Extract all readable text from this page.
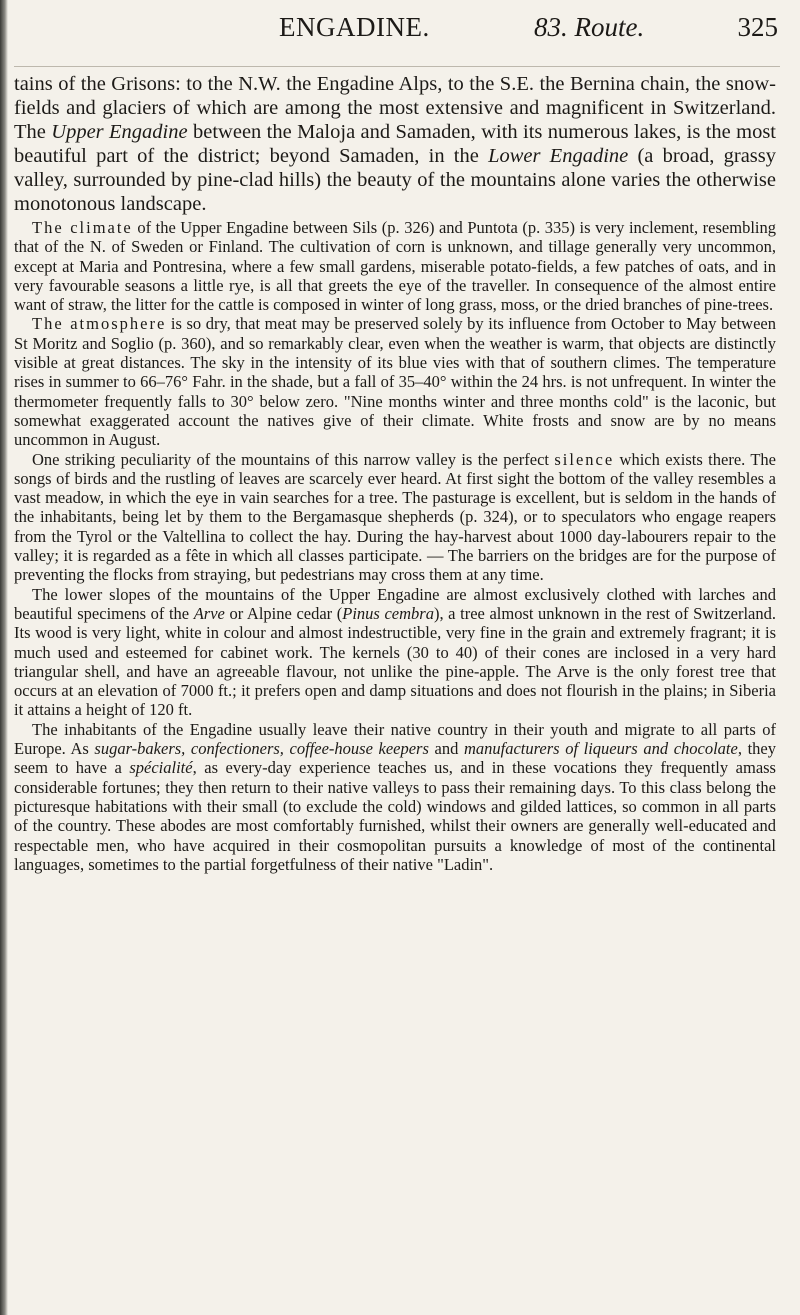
ENGADINE.	83. Route.	325

tains of the Grisons: to the N.W. the Engadine Alps, to the S.E. the Bernina chain, the snow-fields and glaciers of which are among the most extensive and magnificent in Switzerland. The Upper Engadine between the Maloja and Samaden, with its numerous lakes, is the most beautiful part of the district; beyond Samaden, in the Lower Engadine (a broad, grassy valley, surrounded by pine-clad hills) the beauty of the mountains alone varies the otherwise monotonous landscape.

The climate of the Upper Engadine between Sils (p. 326) and Puntota (p. 335) is very inclement, resembling that of the N. of Sweden or Finland. The cultivation of corn is unknown, and tillage generally very uncommon, except at Maria and Pontresina, where a few small gardens, miserable potato-fields, a few patches of oats, and in very favourable seasons a little rye, is all that greets the eye of the traveller. In consequence of the almost entire want of straw, the litter for the cattle is composed in winter of long grass, moss, or the dried branches of pine-trees.

The atmosphere is so dry, that meat may be preserved solely by its influence from October to May between St Moritz and Soglio (p. 360), and so remarkably clear, even when the weather is warm, that objects are distinctly visible at great distances. The sky in the intensity of its blue vies with that of southern climes. The temperature rises in summer to 66–76° Fahr. in the shade, but a fall of 35–40° within the 24 hrs. is not unfrequent. In winter the thermometer frequently falls to 30° below zero. "Nine months winter and three months cold" is the laconic, but somewhat exaggerated account the natives give of their climate. White frosts and snow are by no means uncommon in August.

One striking peculiarity of the mountains of this narrow valley is the perfect silence which exists there. The songs of birds and the rustling of leaves are scarcely ever heard. At first sight the bottom of the valley resembles a vast meadow, in which the eye in vain searches for a tree. The pasturage is excellent, but is seldom in the hands of the inhabitants, being let by them to the Bergamasque shepherds (p. 324), or to speculators who engage reapers from the Tyrol or the Valtellina to collect the hay. During the hay-harvest about 1000 day-labourers repair to the valley; it is regarded as a fête in which all classes participate. — The barriers on the bridges are for the purpose of preventing the flocks from straying, but pedestrians may cross them at any time.

The lower slopes of the mountains of the Upper Engadine are almost exclusively clothed with larches and beautiful specimens of the Arve or Alpine cedar (Pinus cembra), a tree almost unknown in the rest of Switzerland. Its wood is very light, white in colour and almost indestructible, very fine in the grain and extremely fragrant; it is much used and esteemed for cabinet work. The kernels (30 to 40) of their cones are inclosed in a very hard triangular shell, and have an agreeable flavour, not unlike the pine-apple. The Arve is the only forest tree that occurs at an elevation of 7000 ft.; it prefers open and damp situations and does not flourish in the plains; in Siberia it attains a height of 120 ft.

The inhabitants of the Engadine usually leave their native country in their youth and migrate to all parts of Europe. As sugar-bakers, confectioners, coffee-house keepers and manufacturers of liqueurs and chocolate, they seem to have a spécialité, as every-day experience teaches us, and in these vocations they frequently amass considerable fortunes; they then return to their native valleys to pass their remaining days. To this class belong the picturesque habitations with their small (to exclude the cold) windows and gilded lattices, so common in all parts of the country. These abodes are most comfortably furnished, whilst their owners are generally well-educated and respectable men, who have acquired in their cosmopolitan pursuits a knowledge of most of the continental languages, sometimes to the partial forgetfulness of their native "Ladin".
